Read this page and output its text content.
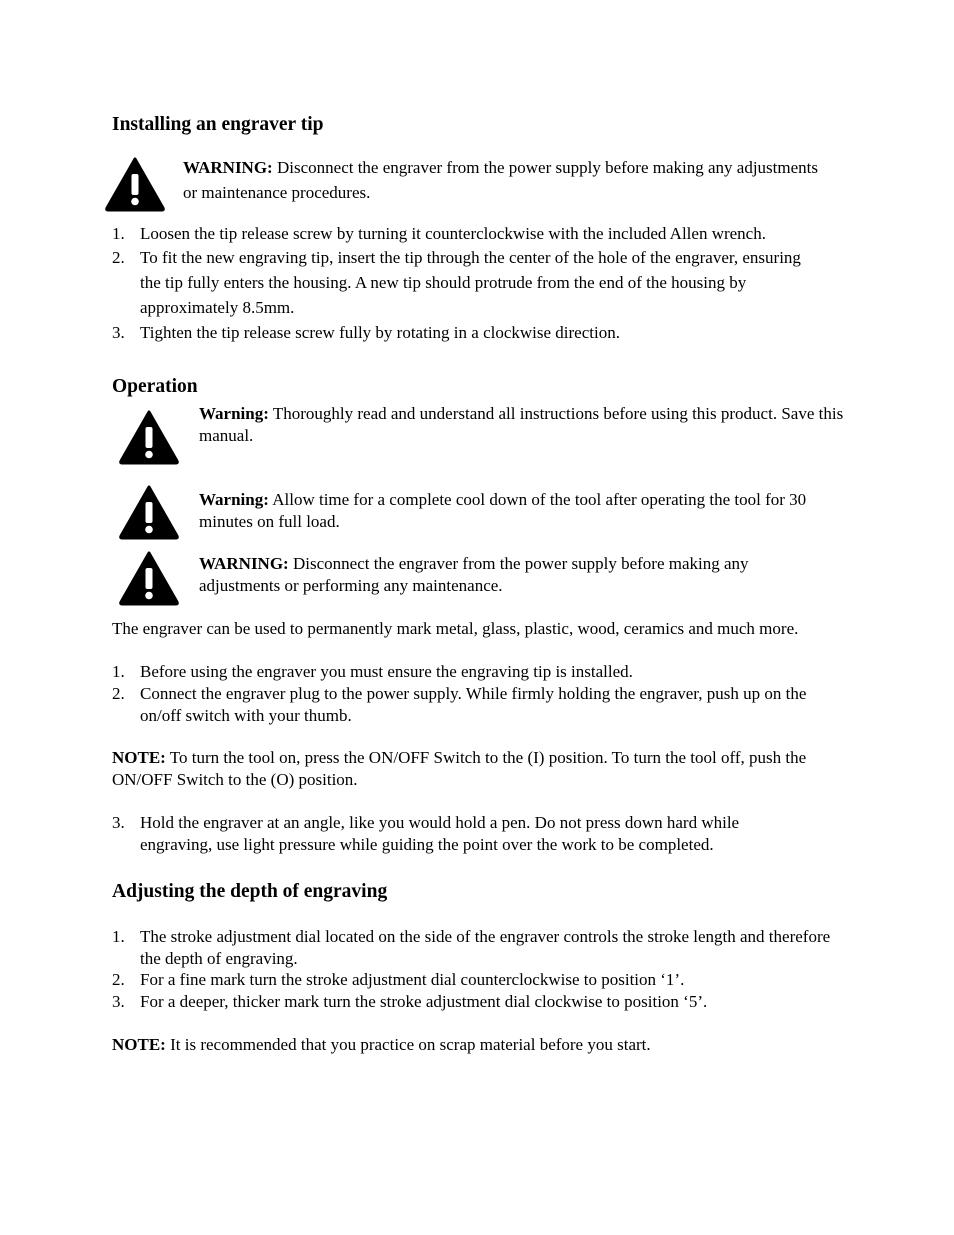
Installing an engraver tip
WARNING: Disconnect the engraver from the power supply before making any adjustments or maintenance procedures.
1. Loosen the tip release screw by turning it counterclockwise with the included Allen wrench.
2. To fit the new engraving tip, insert the tip through the center of the hole of the engraver, ensuring the tip fully enters the housing. A new tip should protrude from the end of the housing by approximately 8.5mm.
3. Tighten the tip release screw fully by rotating in a clockwise direction.
Operation
Warning: Thoroughly read and understand all instructions before using this product. Save this manual.
Warning: Allow time for a complete cool down of the tool after operating the tool for 30 minutes on full load.
WARNING: Disconnect the engraver from the power supply before making any adjustments or performing any maintenance.
The engraver can be used to permanently mark metal, glass, plastic, wood, ceramics and much more.
1. Before using the engraver you must ensure the engraving tip is installed.
2. Connect the engraver plug to the power supply. While firmly holding the engraver, push up on the on/off switch with your thumb.
NOTE: To turn the tool on, press the ON/OFF Switch to the (I) position. To turn the tool off, push the ON/OFF Switch to the (O) position.
3. Hold the engraver at an angle, like you would hold a pen. Do not press down hard while engraving, use light pressure while guiding the point over the work to be completed.
Adjusting the depth of engraving
1. The stroke adjustment dial located on the side of the engraver controls the stroke length and therefore the depth of engraving.
2. For a fine mark turn the stroke adjustment dial counterclockwise to position ‘1’.
3. For a deeper, thicker mark turn the stroke adjustment dial clockwise to position ‘5’.
NOTE: It is recommended that you practice on scrap material before you start.
